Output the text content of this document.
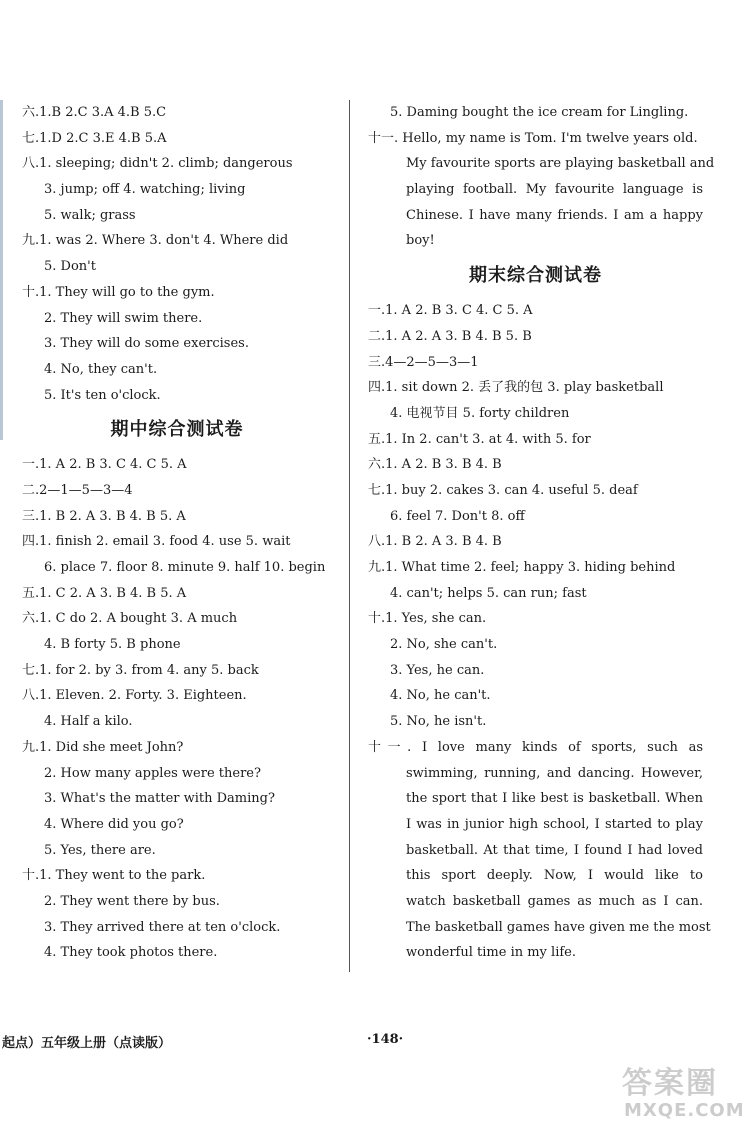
六.1.B 2.C 3.A 4.B 5.C
七.1.D 2.C 3.E 4.B 5.A
八.1. sleeping; didn't 2. climb; dangerous
3. jump; off 4. watching; living
5. walk; grass
九.1. was 2. Where 3. don't 4. Where did
5. Don't
十.1. They will go to the gym.
2. They will swim there.
3. They will do some exercises.
4. No, they can't.
5. It's ten o'clock.
期中综合测试卷
一.1. A 2. B 3. C 4. C 5. A
二.2—1—5—3—4
三.1. B 2. A 3. B 4. B 5. A
四.1. finish 2. email 3. food 4. use 5. wait
6. place 7. floor 8. minute 9. half 10. begin
五.1. C 2. A 3. B 4. B 5. A
六.1. C do 2. A bought 3. A much
4. B forty 5. B phone
七.1. for 2. by 3. from 4. any 5. back
八.1. Eleven. 2. Forty. 3. Eighteen.
4. Half a kilo.
九.1. Did she meet John?
2. How many apples were there?
3. What's the matter with Daming?
4. Where did you go?
5. Yes, there are.
十.1. They went to the park.
2. They went there by bus.
3. They arrived there at ten o'clock.
4. They took photos there.
5. Daming bought the ice cream for Lingling.
十一. Hello, my name is Tom. I'm twelve years old.
My favourite sports are playing basketball and
playing football. My favourite language is
Chinese. I have many friends. I am a happy
boy!
期末综合测试卷
一.1. A 2. B 3. C 4. C 5. A
二.1. A 2. A 3. B 4. B 5. B
三.4—2—5—3—1
四.1. sit down 2. 丢了我的包 3. play basketball
4. 电视节目 5. forty children
五.1. In 2. can't 3. at 4. with 5. for
六.1. A 2. B 3. B 4. B
七.1. buy 2. cakes 3. can 4. useful 5. deaf
6. feel 7. Don't 8. off
八.1. B 2. A 3. B 4. B
九.1. What time 2. feel; happy 3. hiding behind
4. can't; helps 5. can run; fast
十.1. Yes, she can.
2. No, she can't.
3. Yes, he can.
4. No, he can't.
5. No, he isn't.
十一. I love many kinds of sports, such as
swimming, running, and dancing. However,
the sport that I like best is basketball. When
I was in junior high school, I started to play
basketball. At that time, I found I had loved
this sport deeply. Now, I would like to
watch basketball games as much as I can.
The basketball games have given me the most
wonderful time in my life.
起点）五年级上册（点读版）	·148·
答案圈
MXQE.COM
